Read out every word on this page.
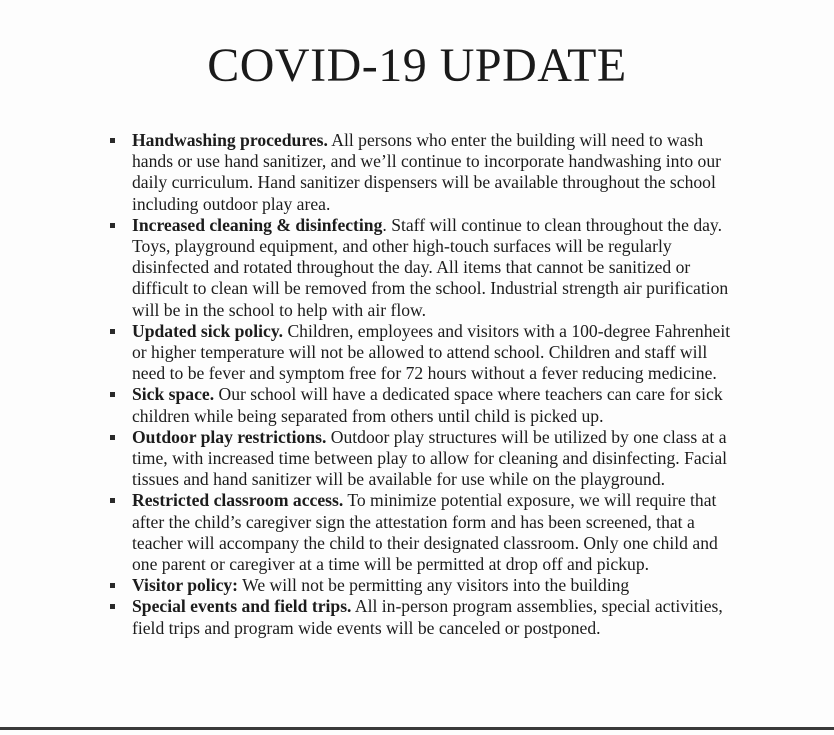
COVID-19 UPDATE
Handwashing procedures. All persons who enter the building will need to wash hands or use hand sanitizer, and we’ll continue to incorporate handwashing into our daily curriculum. Hand sanitizer dispensers will be available throughout the school including outdoor play area.
Increased cleaning & disinfecting. Staff will continue to clean throughout the day. Toys, playground equipment, and other high-touch surfaces will be regularly disinfected and rotated throughout the day. All items that cannot be sanitized or difficult to clean will be removed from the school. Industrial strength air purification will be in the school to help with air flow.
Updated sick policy. Children, employees and visitors with a 100-degree Fahrenheit or higher temperature will not be allowed to attend school. Children and staff will need to be fever and symptom free for 72 hours without a fever reducing medicine.
Sick space. Our school will have a dedicated space where teachers can care for sick children while being separated from others until child is picked up.
Outdoor play restrictions. Outdoor play structures will be utilized by one class at a time, with increased time between play to allow for cleaning and disinfecting. Facial tissues and hand sanitizer will be available for use while on the playground.
Restricted classroom access. To minimize potential exposure, we will require that after the child’s caregiver sign the attestation form and has been screened, that a teacher will accompany the child to their designated classroom. Only one child and one parent or caregiver at a time will be permitted at drop off and pickup.
Visitor policy: We will not be permitting any visitors into the building
Special events and field trips. All in-person program assemblies, special activities, field trips and program wide events will be canceled or postponed.
